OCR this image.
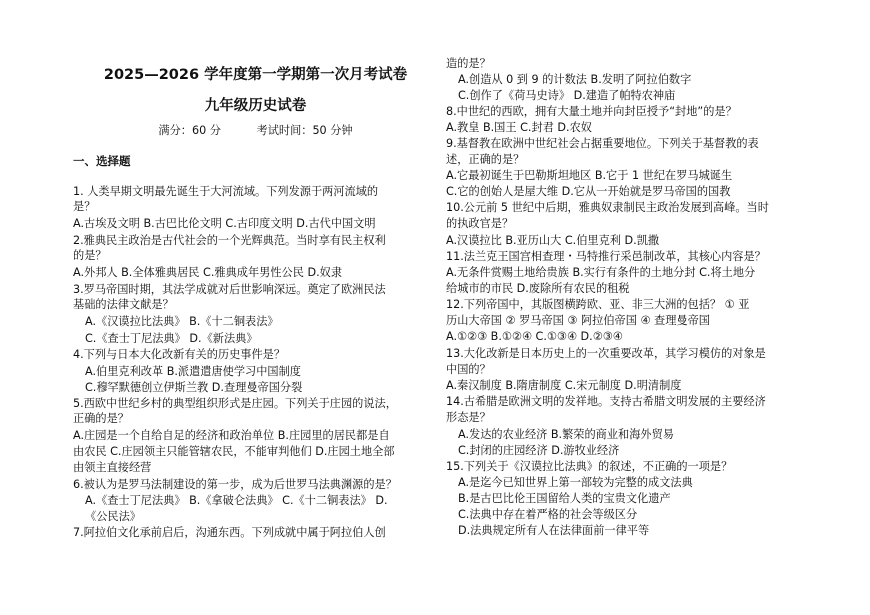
2025—2026 学年度第一学期第一次月考试卷
九年级历史试卷
满分：60 分	考试时间：50 分钟
一、选择题
1. 人类早期文明最先诞生于大河流域。下列发源于两河流域的
是？
A.古埃及文明 B.古巴比伦文明 C.古印度文明 D.古代中国文明
2.雅典民主政治是古代社会的一个光辉典范。当时享有民主权利
的是？
A.外邦人 B.全体雅典居民 C.雅典成年男性公民 D.奴隶
3.罗马帝国时期，其法学成就对后世影响深远。奠定了欧洲民法
基础的法律文献是？
A.《汉谟拉比法典》 B.《十二铜表法》
C.《查士丁尼法典》 D.《新法典》
4.下列与日本大化改新有关的历史事件是？
A.伯里克利改革 B.派遣遣唐使学习中国制度
C.穆罕默德创立伊斯兰教 D.查理曼帝国分裂
5.西欧中世纪乡村的典型组织形式是庄园。下列关于庄园的说法，
正确的是？
A.庄园是一个自给自足的经济和政治单位 B.庄园里的居民都是自
由农民 C.庄园领主只能管辖农民，不能审判他们 D.庄园土地全部
由领主直接经营
6.被认为是罗马法制建设的第一步，成为后世罗马法典渊源的是？
A.《查士丁尼法典》 B.《拿破仑法典》 C.《十二铜表法》 D.
《公民法》
7.阿拉伯文化承前启后，沟通东西。下列成就中属于阿拉伯人创
造的是？
A.创造从 0 到 9 的计数法 B.发明了阿拉伯数字
C.创作了《荷马史诗》 D.建造了帕特农神庙
8.中世纪的西欧，拥有大量土地并向封臣授予“封地”的是？
A.教皇 B.国王 C.封君 D.农奴
9.基督教在欧洲中世纪社会占据重要地位。下列关于基督教的表
述，正确的是？
A.它最初诞生于巴勒斯坦地区 B.它于 1 世纪在罗马城诞生
C.它的创始人是屋大维 D.它从一开始就是罗马帝国的国教
10.公元前 5 世纪中后期，雅典奴隶制民主政治发展到高峰。当时
的执政官是？
A.汉谟拉比 B.亚历山大 C.伯里克利 D.凯撒
11.法兰克王国宫相查理・马特推行采邑制改革，其核心内容是？
A.无条件赏赐土地给贵族 B.实行有条件的土地分封 C.将土地分
给城市的市民 D.废除所有农民的租税
12.下列帝国中，其版图横跨欧、亚、非三大洲的包括？ ① 亚
历山大帝国 ② 罗马帝国 ③ 阿拉伯帝国 ④ 查理曼帝国
A.①②③ B.①②④ C.①③④ D.②③④
13.大化改新是日本历史上的一次重要改革，其学习模仿的对象是
中国的？
A.秦汉制度 B.隋唐制度 C.宋元制度 D.明清制度
14.古希腊是欧洲文明的发祥地。支持古希腊文明发展的主要经济
形态是？
A.发达的农业经济 B.繁荣的商业和海外贸易
C.封闭的庄园经济 D.游牧业经济
15.下列关于《汉谟拉比法典》的叙述，不正确的一项是？
A.是迄今已知世界上第一部较为完整的成文法典
B.是古巴比伦王国留给人类的宝贵文化遗产
C.法典中存在着严格的社会等级区分
D.法典规定所有人在法律面前一律平等
